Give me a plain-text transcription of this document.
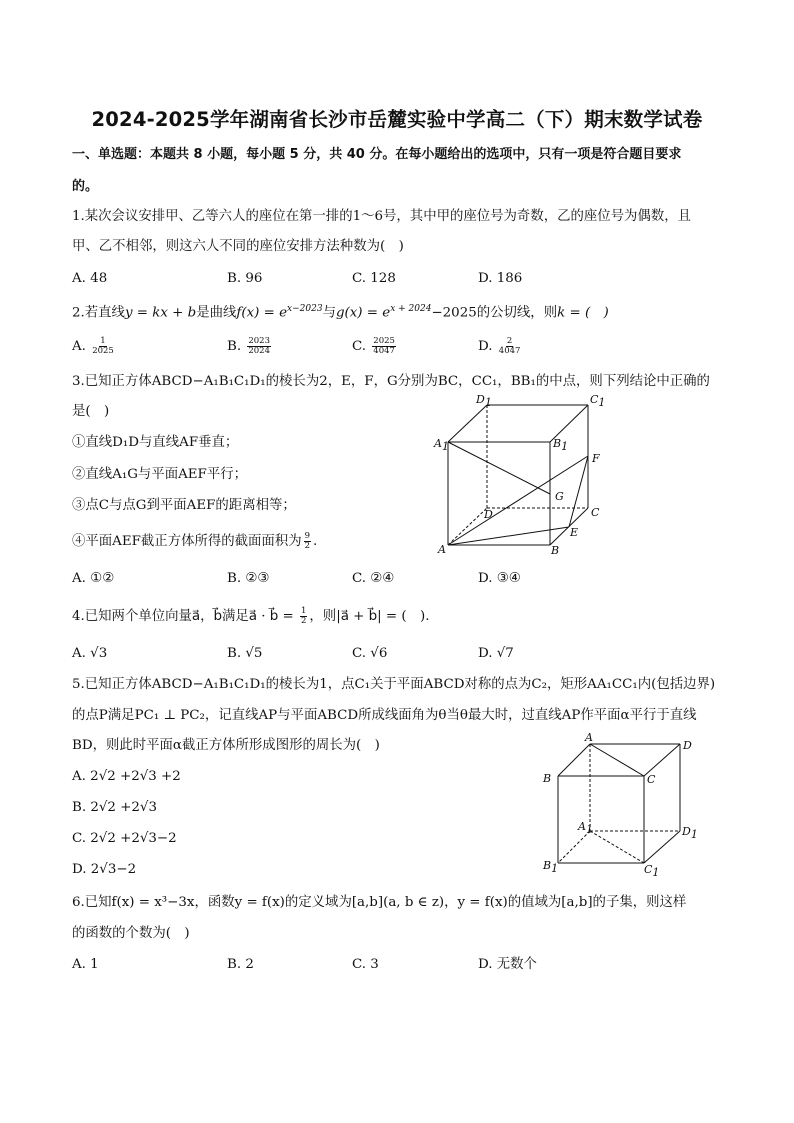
2024-2025学年湖南省长沙市岳麓实验中学高二（下）期末数学试卷
一、单选题：本题共 8 小题，每小题 5 分，共 40 分。在每小题给出的选项中，只有一项是符合题目要求
的。
1.某次会议安排甲、乙等六人的座位在第一排的1～6号，其中甲的座位号为奇数，乙的座位号为偶数，且
甲、乙不相邻，则这六人不同的座位安排方法种数为(　)
A. 48	B. 96	C. 128	D. 186
2.若直线y = kx + b是曲线$f(x) = e^{x-2023}$与$g(x) = e^{x + 2024}-2025$的公切线，则k = (　)
A. $\frac{1}{2025}$	B. $\frac{2023}{2024}$	C. $\frac{2025}{4047}$	D. $\frac{2}{4047}$
3.已知正方体ABCD−A₁B₁C₁D₁的棱长为2，E，F，G分别为BC，CC₁，BB₁的中点，则下列结论中正确的
是(　)
①直线D₁D与直线AF垂直；
②直线A₁G与平面AEF平行；
③点C与点G到平面AEF的距离相等；
④平面AEF截正方体所得的截面面积为 $\frac{9}{2}$ .
D1	C1
A1	B1
F
G
D	C
E
A	B
A. ①②	B. ②③	C. ②④	D. ③④
4.已知两个单位向量a⃗，b⃗满足a⃗ · b⃗ = $\frac{1}{2}$ ，则|a⃗ + b⃗| = (　).
A. √3	B. √5	C. √6	D. √7
5.已知正方体ABCD−A₁B₁C₁D₁的棱长为1，点C₁关于平面ABCD对称的点为C₂，矩形AA₁CC₁内(包括边界)
的点P满足PC₁ ⊥ PC₂，记直线AP与平面ABCD所成线面角为θ当θ最大时，过直线AP作平面α平行于直线
BD，则此时平面α截正方体所形成图形的周长为(　)
A. 2√2 +2√3 +2
B. 2√2 +2√3
C. 2√2 +2√3−2
D. 2√3−2
A
D
B	C
A1	D1
B1	C1
6.已知f(x) = x³−3x，函数y = f(x)的定义域为[a,b](a, b ∈ z)，y = f(x)的值域为[a,b]的子集，则这样
的函数的个数为(　)
A. 1	B. 2	C. 3	D. 无数个
